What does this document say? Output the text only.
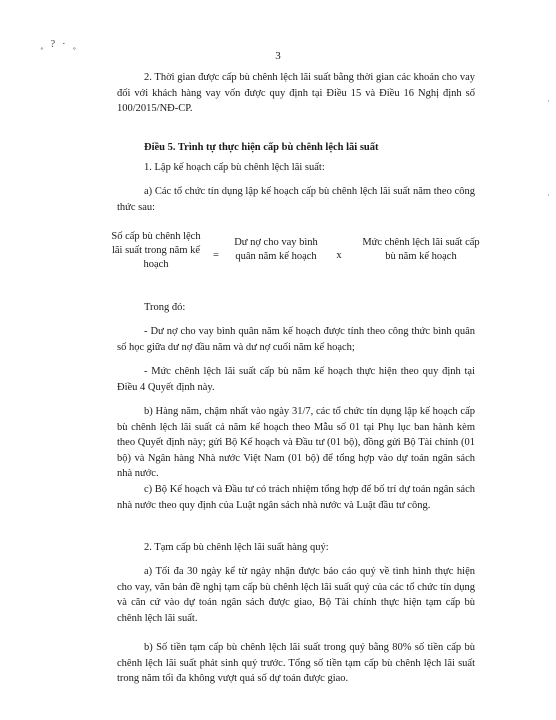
˳ ? · ˳
3
2. Thời gian được cấp bù chênh lệch lãi suất bằng thời gian các khoản cho vay đối với khách hàng vay vốn được quy định tại Điều 15 và Điều 16 Nghị định số 100/2015/NĐ-CP.
Điều 5. Trình tự thực hiện cấp bù chênh lệch lãi suất
1. Lập kế hoạch cấp bù chênh lệch lãi suất:
a) Các tổ chức tín dụng lập kế hoạch cấp bù chênh lệch lãi suất năm theo công thức sau:
Số cấp bù chênh lệch lãi suất trong năm kế hoạch
=
Dư nợ cho vay bình quân năm kế hoạch	x
Mức chênh lệch lãi suất cấp bù năm kế hoạch
Trong đó:
- Dư nợ cho vay bình quân năm kế hoạch được tính theo công thức bình quân số học giữa dư nợ đầu năm và dư nợ cuối năm kế hoạch;
- Mức chênh lệch lãi suất cấp bù năm kế hoạch thực hiện theo quy định tại Điều 4 Quyết định này.
b) Hàng năm, chậm nhất vào ngày 31/7, các tổ chức tín dụng lập kế hoạch cấp bù chênh lệch lãi suất cả năm kế hoạch theo Mẫu số 01 tại Phụ lục ban hành kèm theo Quyết định này; gửi Bộ Kế hoạch và Đầu tư (01 bộ), đồng gửi Bộ Tài chính (01 bộ) và Ngân hàng Nhà nước Việt Nam (01 bộ) để tổng hợp vào dự toán ngân sách nhà nước.
c) Bộ Kế hoạch và Đầu tư có trách nhiệm tổng hợp để bố trí dự toán ngân sách nhà nước theo quy định của Luật ngân sách nhà nước và Luật đầu tư công.
2. Tạm cấp bù chênh lệch lãi suất hàng quý:
a) Tối đa 30 ngày kể từ ngày nhận được báo cáo quý về tình hình thực hiện cho vay, văn bản đề nghị tạm cấp bù chênh lệch lãi suất quý của các tổ chức tín dụng và căn cứ vào dự toán ngân sách được giao, Bộ Tài chính thực hiện tạm cấp bù chênh lệch lãi suất.
b) Số tiền tạm cấp bù chênh lệch lãi suất trong quý bằng 80% số tiền cấp bù chênh lệch lãi suất phát sinh quý trước. Tổng số tiền tạm cấp bù chênh lệch lãi suất trong năm tối đa không vượt quá số dự toán được giao.
·
·
